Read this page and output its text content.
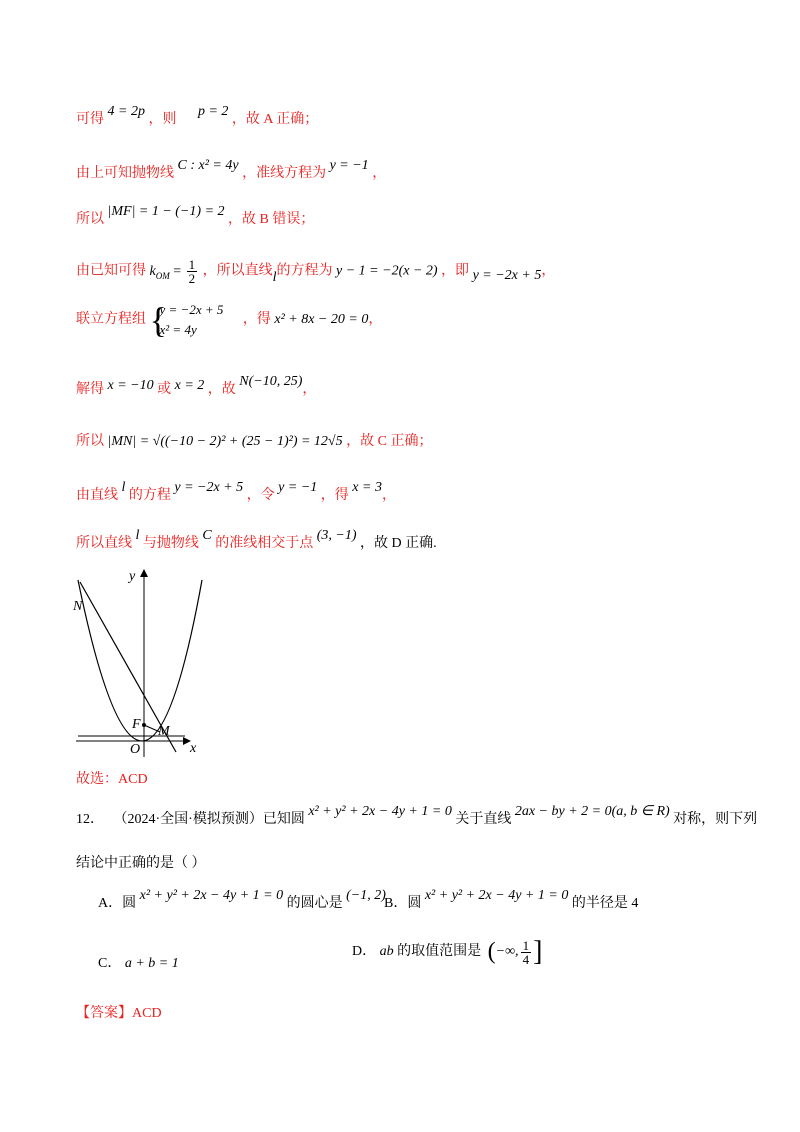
可得 4 = 2p ，则 p = 2 ，故 A 正确；
由上可知抛物线 C : x² = 4y ，准线方程为 y = −1 ，
所以 |MF| = 1 − (−1) = 2 ，故 B 错误；
由已知可得 $k_{OM} = \frac{1}{2}$ ，所以直线l的方程为 y − 1 = −2(x − 2) ，即 y = −2x + 5，
联立方程组 {
y = −2x + 5
x² = 4y
，得 x² + 8x − 20 = 0，
解得 x = −10 或 x = 2 ，故 N(−10, 25)，
所以 |MN| = √((−10 − 2)² + (25 − 1)²) = 12√5 ，故 C 正确；
由直线 l 的方程 y = −2x + 5 ，令 y = −1 ，得 x = 3，
所以直线 l 与抛物线 C 的准线相交于点 (3, −1) ，故 D 正确.
y
x
N
F M
O
故选：ACD
12． （2024·全国·模拟预测）已知圆 x² + y² + 2x − 4y + 1 = 0 关于直线 2ax − by + 2 = 0(a, b ∈ R) 对称，则下列
结论中正确的是（ ）
A．圆 x² + y² + 2x − 4y + 1 = 0 的圆心是 (−1, 2)
B．圆 x² + y² + 2x − 4y + 1 = 0 的半径是 4
C． a + b = 1
D． ab 的取值范围是 (−∞, $\frac{1}{4}$ ]
【答案】ACD
